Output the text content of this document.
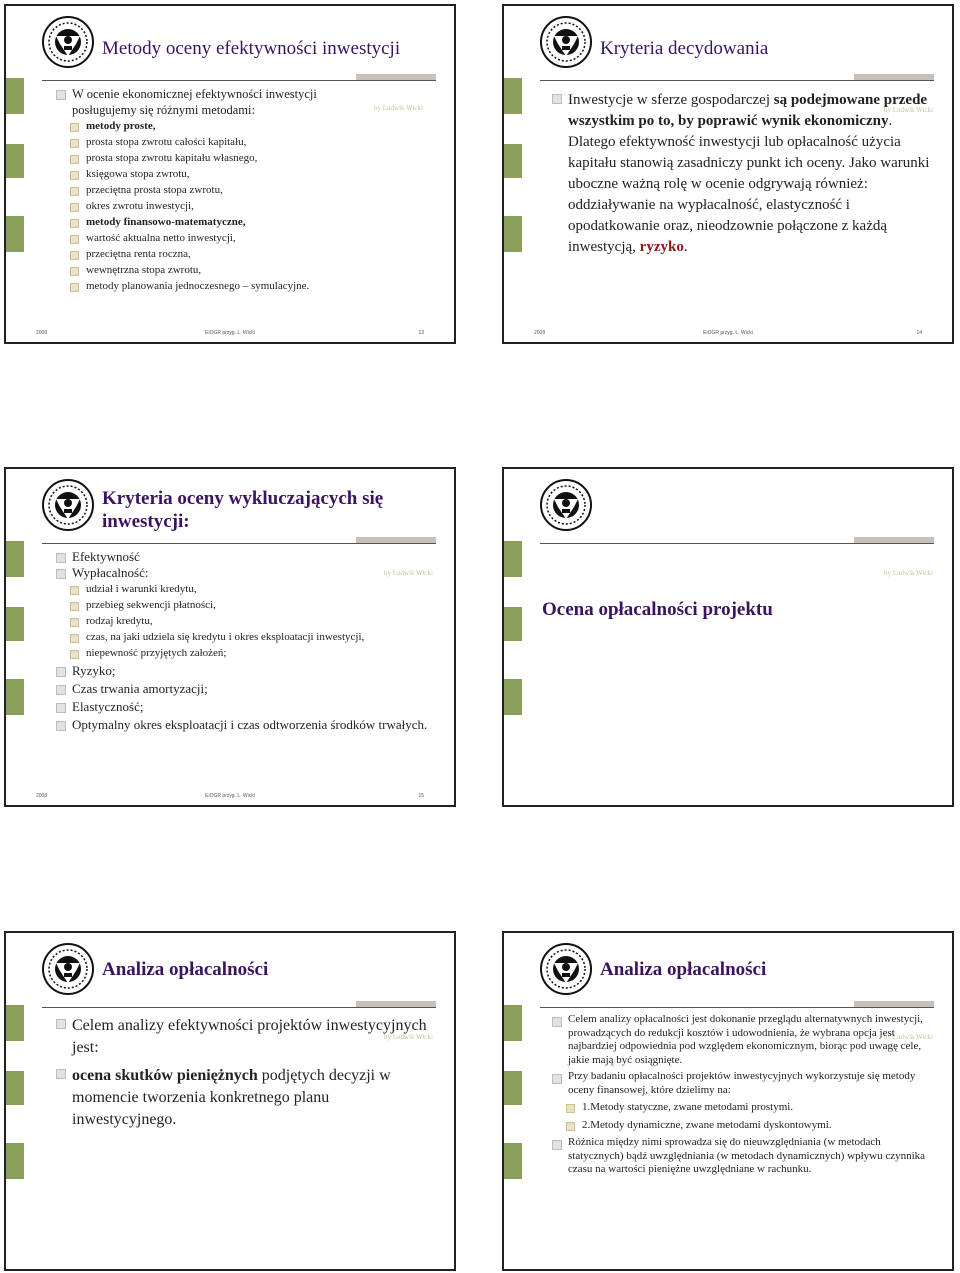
Metody oceny efektywności inwestycji
by Ludwik Wicki
W ocenie ekonomicznej efektywności inwestycji
posługujemy się różnymi metodami:
metody proste,
prosta stopa zwrotu całości kapitału,
prosta stopa zwrotu kapitału własnego,
księgowa stopa zwrotu,
przeciętna prosta stopa zwrotu,
okres zwrotu inwestycji,
metody finansowo-matematyczne,
wartość aktualna netto inwestycji,
przeciętna renta roczna,
wewnętrzna stopa zwrotu,
metody planowania jednoczesnego – symulacyjne.
2008	EiOGR przyg. L. Wicki	13
Kryteria decydowania
by Ludwik Wicki
Inwestycje w sferze gospodarczej są podejmowane przede wszystkim po to, by poprawić wynik ekonomiczny. Dlatego efektywność inwestycji lub opłacalność użycia kapitału stanowią zasadniczy punkt ich oceny. Jako warunki uboczne ważną rolę w ocenie odgrywają również: oddziaływanie na wypłacalność, elastyczność i opodatkowanie oraz, nieodzownie połączone z każdą inwestycją, ryzyko.
2008	EiOGR przyg. L. Wicki	14
Kryteria oceny wykluczających się
inwestycji:
by Ludwik Wicki
Efektywność
Wypłacalność:
udział i warunki kredytu,
przebieg sekwencji płatności,
rodzaj kredytu,
czas, na jaki udziela się kredytu i okres eksploatacji inwestycji,
niepewność przyjętych założeń;
Ryzyko;
Czas trwania amortyzacji;
Elastyczność;
Optymalny okres eksploatacji i czas odtworzenia środków trwałych.
2008	EiOGR przyg. L. Wicki	15
by Ludwik Wicki
Ocena opłacalności projektu
Analiza opłacalności
by Ludwik Wicki
Celem analizy efektywności projektów inwestycyjnych jest:
ocena skutków pieniężnych podjętych decyzji w momencie tworzenia konkretnego planu inwestycyjnego.
Analiza opłacalności
by Ludwik Wicki
Celem analizy opłacalności jest dokonanie przeglądu alternatywnych inwestycji, prowadzących do redukcji kosztów i udowodnienia, że wybrana opcja jest najbardziej odpowiednia pod względem ekonomicznym, biorąc pod uwagę cele, jakie mają być osiągnięte.
Przy badaniu opłacalności projektów inwestycyjnych wykorzystuje się metody oceny finansowej, które dzielimy na:
1.Metody statyczne, zwane metodami prostymi.
2.Metody dynamiczne, zwane metodami dyskontowymi.
Różnica między nimi sprowadza się do nieuwzględniania (w metodach statycznych) bądź uwzględniania (w metodach dynamicznych) wpływu czynnika czasu na wartości pieniężne uwzględniane w rachunku.
